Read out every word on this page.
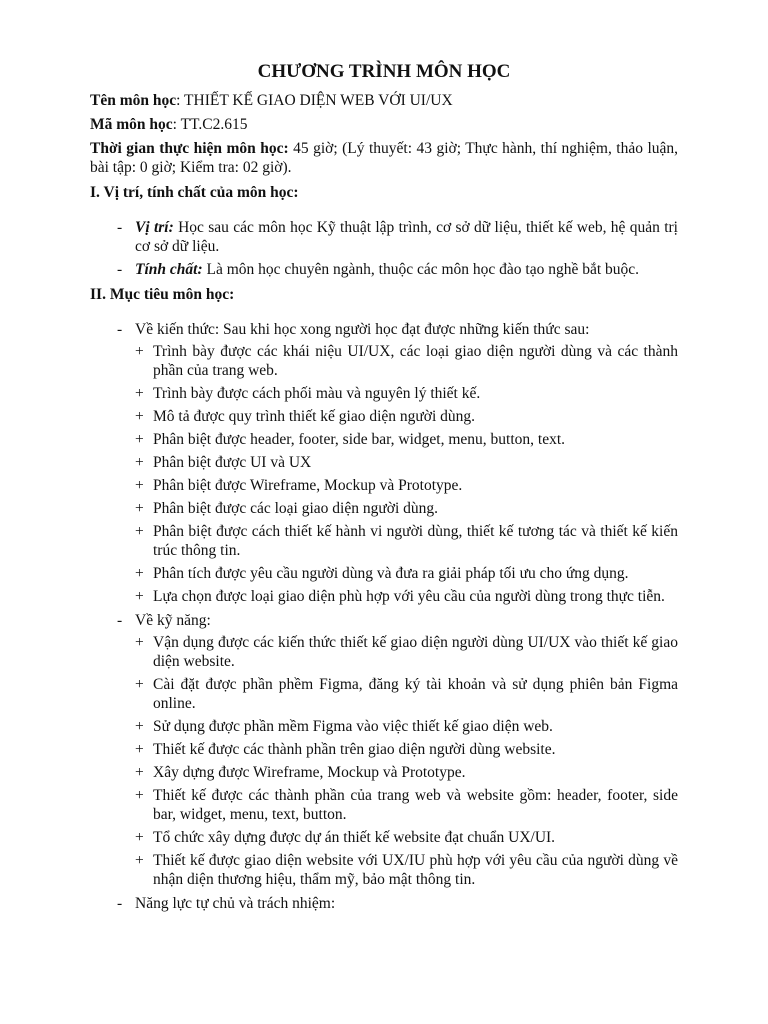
CHƯƠNG TRÌNH MÔN HỌC
Tên môn học: THIẾT KẾ GIAO DIỆN WEB VỚI UI/UX
Mã môn học: TT.C2.615
Thời gian thực hiện môn học: 45 giờ; (Lý thuyết: 43 giờ; Thực hành, thí nghiệm, thảo luận, bài tập: 0 giờ; Kiểm tra: 02 giờ).
I. Vị trí, tính chất của môn học:
- Vị trí: Học sau các môn học Kỹ thuật lập trình, cơ sở dữ liệu, thiết kế web, hệ quản trị cơ sở dữ liệu.
- Tính chất: Là môn học chuyên ngành, thuộc các môn học đào tạo nghề bắt buộc.
II. Mục tiêu môn học:
- Về kiến thức: Sau khi học xong người học đạt được những kiến thức sau:
+ Trình bày được các khái niệu UI/UX, các loại giao diện người dùng và các thành phần của trang web.
+ Trình bày được cách phối màu và nguyên lý thiết kế.
+ Mô tả được quy trình thiết kế giao diện người dùng.
+ Phân biệt được header, footer, side bar, widget, menu, button, text.
+ Phân biệt được UI và UX
+ Phân biệt được Wireframe, Mockup và Prototype.
+ Phân biệt được các loại giao diện người dùng.
+ Phân biệt được cách thiết kế hành vi người dùng, thiết kế tương tác và thiết kế kiến trúc thông tin.
+ Phân tích được yêu cầu người dùng và đưa ra giải pháp tối ưu cho ứng dụng.
+ Lựa chọn được loại giao diện phù hợp với yêu cầu của người dùng trong thực tiễn.
- Về kỹ năng:
+ Vận dụng được các kiến thức thiết kế giao diện người dùng UI/UX vào thiết kế giao diện website.
+ Cài đặt được phần phềm Figma, đăng ký tài khoản và sử dụng phiên bản Figma online.
+ Sử dụng được phần mềm Figma vào việc thiết kế giao diện web.
+ Thiết kế được các thành phần trên giao diện người dùng website.
+ Xây dựng được Wireframe, Mockup và Prototype.
+ Thiết kế được các thành phần của trang web và website gồm: header, footer, side bar, widget, menu, text, button.
+ Tổ chức xây dựng được dự án thiết kế website đạt chuẩn UX/UI.
+ Thiết kế được giao diện website với UX/IU phù hợp với yêu cầu của người dùng về nhận diện thương hiệu, thẩm mỹ, bảo mật thông tin.
- Năng lực tự chủ và trách nhiệm:
